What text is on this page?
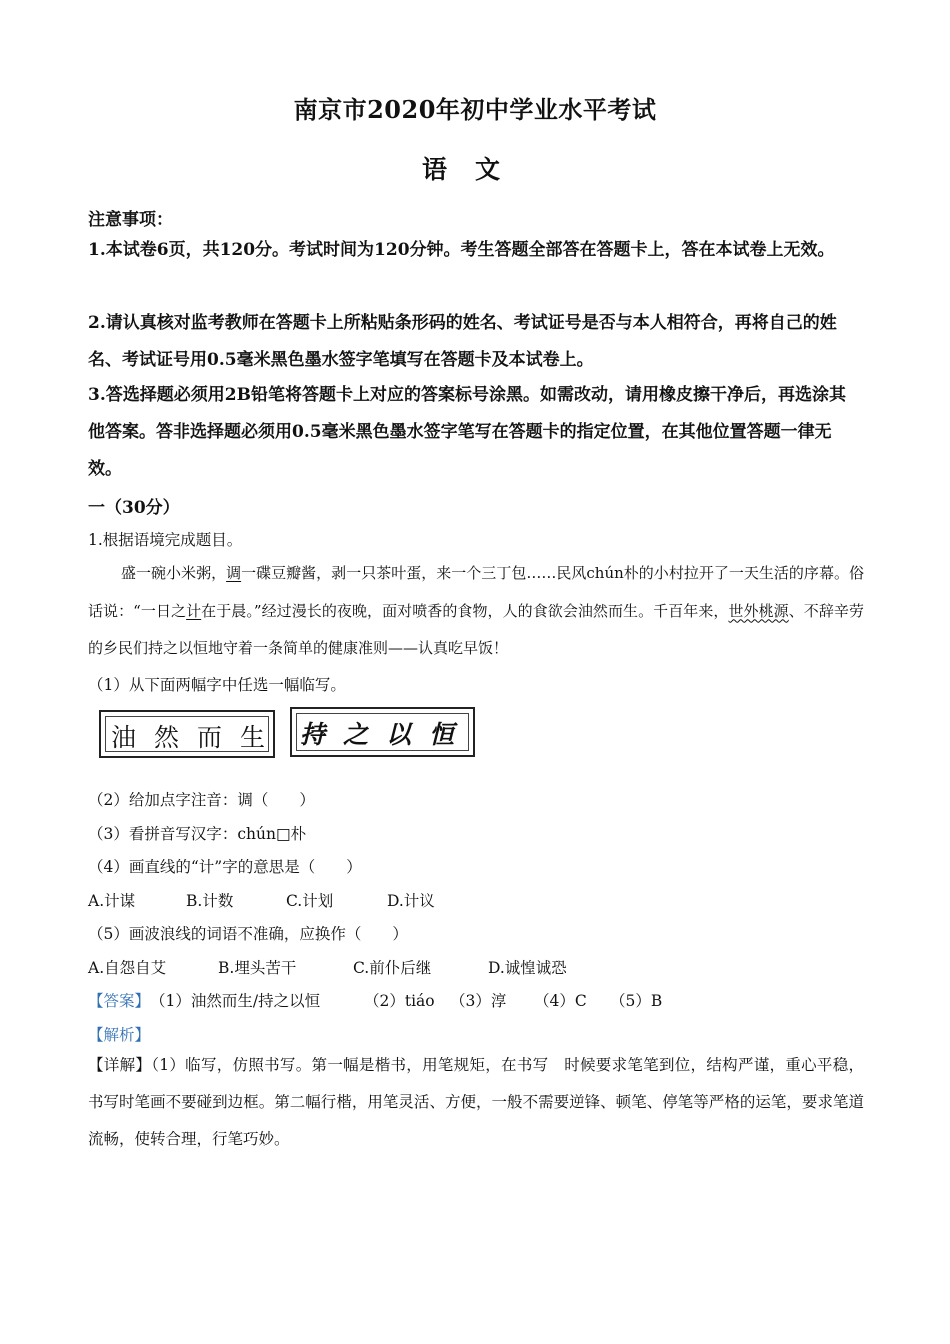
南京市2020年初中学业水平考试

语文

注意事项：

1.本试卷6页，共120分。考试时间为120分钟。考生答题全部答在答题卡上，答在本试卷上无效。

2.请认真核对监考教师在答题卡上所粘贴条形码的姓名、考试证号是否与本人相符合，再将自己的姓名、考试证号用0.5毫米黑色墨水签字笔填写在答题卡及本试卷上。

3.答选择题必须用2B铅笔将答题卡上对应的答案标号涂黑。如需改动，请用橡皮擦干净后，再选涂其他答案。答非选择题必须用0.5毫米黑色墨水签字笔写在答题卡的指定位置，在其他位置答题一律无效。

一（30分）

1.根据语境完成题目。

盛一碗小米粥，调一碟豆瓣酱，剥一只茶叶蛋，来一个三丁包……民风chún朴的小村拉开了一天生活的序幕。俗话说：“一日之计在于晨。”经过漫长的夜晚，面对喷香的食物，人的食欲会油然而生。千百年来，世外桃源、不辞辛劳的乡民们持之以恒地守着一条简单的健康准则——认真吃早饭！

（1）从下面两幅字中任选一幅临写。

油然而生 持之以恒

（2）给加点字注音：调（　　）

（3）看拼音写汉字：chún□朴

（4）画直线的“计”字的意思是（　　）

A.计谋	B.计数	C.计划	D.计议

（5）画波浪线的词语不准确，应换作（　　）

A.自怨自艾	B.埋头苦干	C.前仆后继	D.诚惶诚恐
【答案】 （1）油然而生/持之以恒	（2）tiáo （3）淳 （4）C （5）B

【解析】

【详解】（1）临写，仿照书写。第一幅是楷书，用笔规矩，在书写　时候要求笔笔到位，结构严谨，重心平稳，书写时笔画不要碰到边框。第二幅行楷，用笔灵活、方便，一般不需要逆锋、顿笔、停笔等严格的运笔，要求笔道流畅，使转合理，行笔巧妙。
